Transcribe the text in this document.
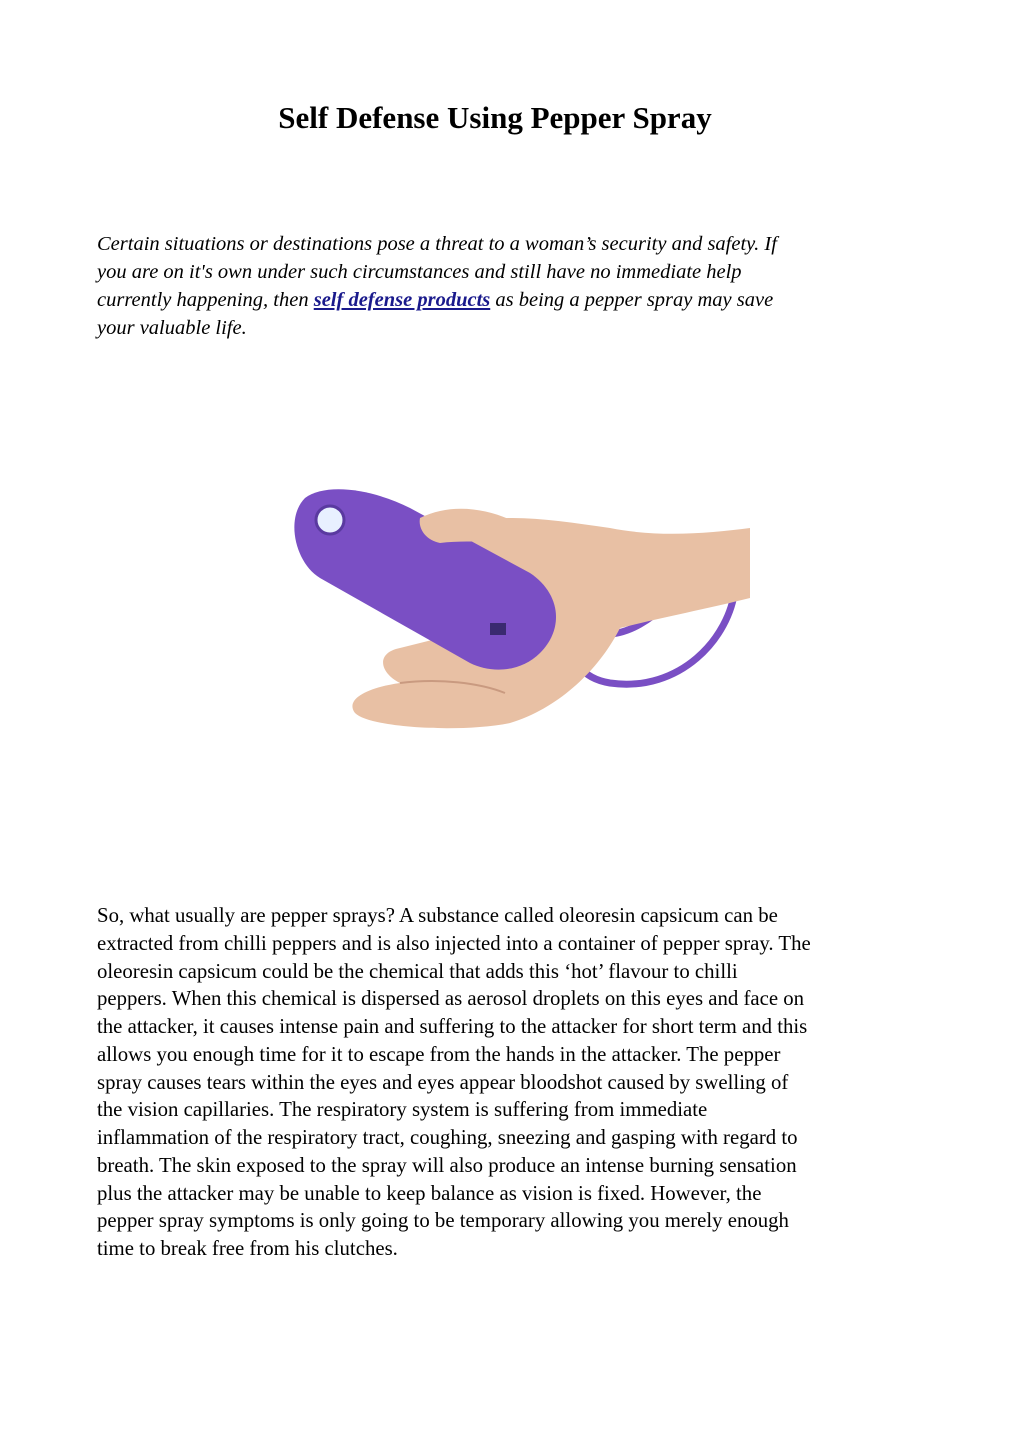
Self Defense Using Pepper Spray
Certain situations or destinations pose a threat to a woman’s security and safety. If
you are on it's own under such circumstances and still have no immediate help
currently happening, then self defense products as being a pepper spray may save
your valuable life.
So, what usually are pepper sprays? A substance called oleoresin capsicum can be
extracted from chilli peppers and is also injected into a container of pepper spray. The
oleoresin capsicum could be the chemical that adds this ‘hot’ flavour to chilli
peppers. When this chemical is dispersed as aerosol droplets on this eyes and face on
the attacker, it causes intense pain and suffering to the attacker for short term and this
allows you enough time for it to escape from the hands in the attacker. The pepper
spray causes tears within the eyes and eyes appear bloodshot caused by swelling of
the vision capillaries. The respiratory system is suffering from immediate
inflammation of the respiratory tract, coughing, sneezing and gasping with regard to
breath. The skin exposed to the spray will also produce an intense burning sensation
plus the attacker may be unable to keep balance as vision is fixed. However, the
pepper spray symptoms is only going to be temporary allowing you merely enough
time to break free from his clutches.
